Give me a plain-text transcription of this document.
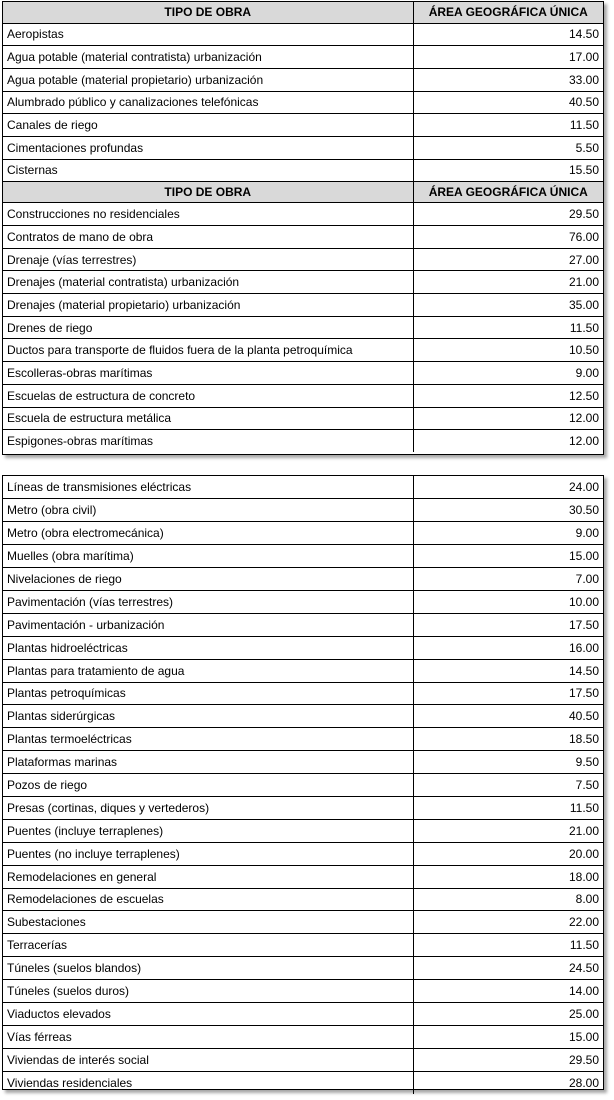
TIPO DE OBRA	ÁREA GEOGRÁFICA ÚNICA
Aeropistas	14.50
Agua potable (material contratista) urbanización	17.00
Agua potable (material propietario) urbanización	33.00
Alumbrado público y canalizaciones telefónicas	40.50
Canales de riego	11.50
Cimentaciones profundas	5.50
Cisternas	15.50
TIPO DE OBRA	ÁREA GEOGRÁFICA ÚNICA
Construcciones no residenciales	29.50
Contratos de mano de obra	76.00
Drenaje (vías terrestres)	27.00
Drenajes (material contratista) urbanización	21.00
Drenajes (material propietario) urbanización	35.00
Drenes de riego	11.50
Ductos para transporte de fluidos fuera de la planta petroquímica	10.50
Escolleras-obras marítimas	9.00
Escuelas de estructura de concreto	12.50
Escuela de estructura metálica	12.00
Espigones-obras marítimas	12.00
Líneas de transmisiones eléctricas	24.00
Metro (obra civil)	30.50
Metro (obra electromecánica)	9.00
Muelles (obra marítima)	15.00
Nivelaciones de riego	7.00
Pavimentación (vías terrestres)	10.00
Pavimentación - urbanización	17.50
Plantas hidroeléctricas	16.00
Plantas para tratamiento de agua	14.50
Plantas petroquímicas	17.50
Plantas siderúrgicas	40.50
Plantas termoeléctricas	18.50
Plataformas marinas	9.50
Pozos de riego	7.50
Presas (cortinas, diques y vertederos)	11.50
Puentes (incluye terraplenes)	21.00
Puentes (no incluye terraplenes)	20.00
Remodelaciones en general	18.00
Remodelaciones de escuelas	8.00
Subestaciones	22.00
Terracerías	11.50
Túneles (suelos blandos)	24.50
Túneles (suelos duros)	14.00
Viaductos elevados	25.00
Vías férreas	15.00
Viviendas de interés social	29.50
Viviendas residenciales	28.00
